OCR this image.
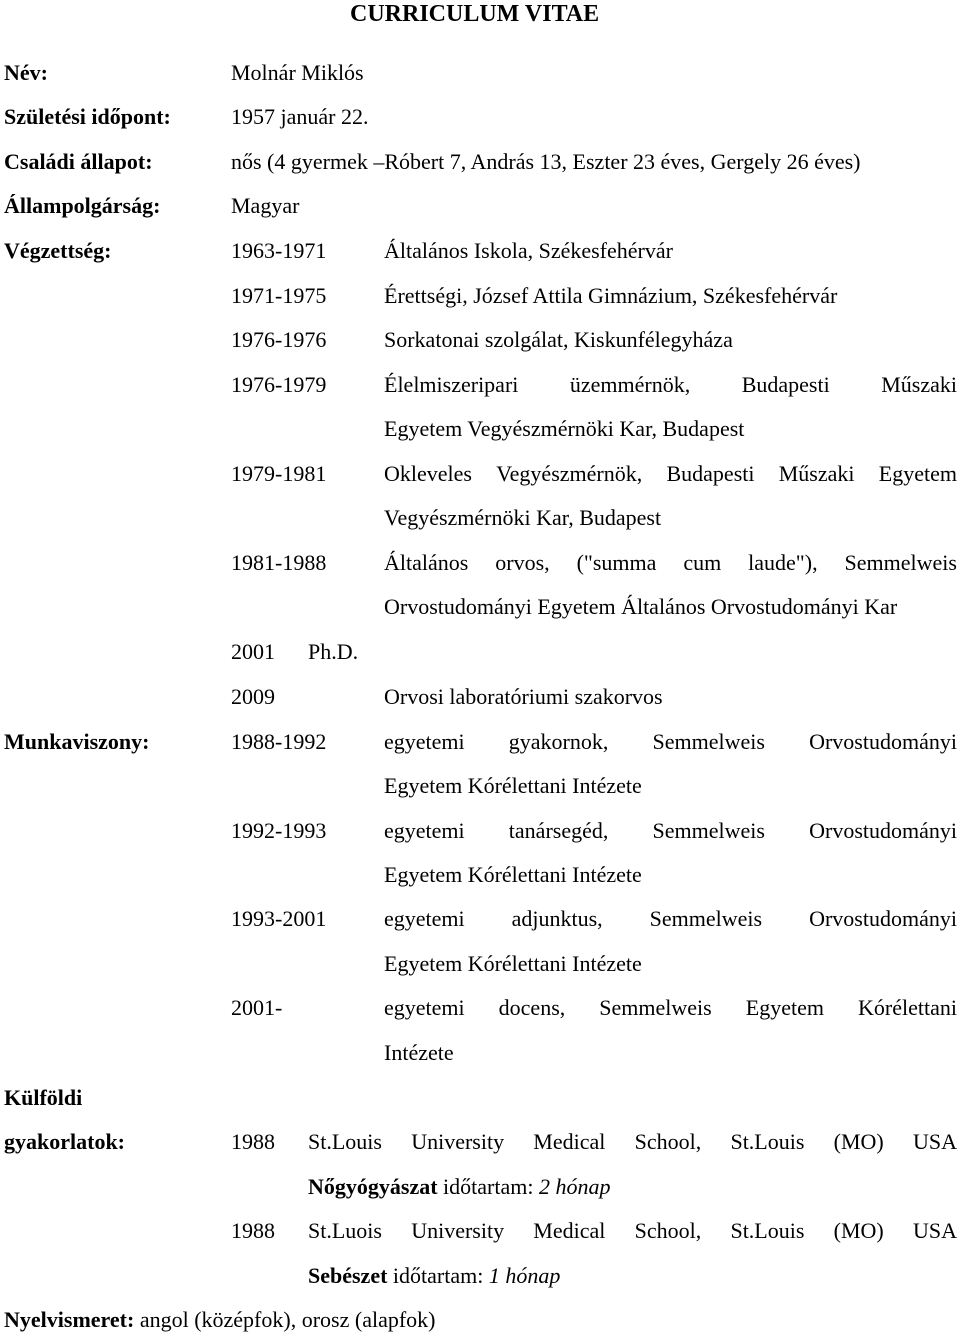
CURRICULUM VITAE
Név:	Molnár Miklós
Születési időpont:	1957 január 22.
Családi állapot:	nős (4 gyermek –Róbert 7, András 13, Eszter 23 éves, Gergely 26 éves)
Állampolgárság:	Magyar
Végzettség:	1963-1971	Általános Iskola, Székesfehérvár
1971-1975	Érettségi, József Attila Gimnázium, Székesfehérvár
1976-1976	Sorkatonai szolgálat, Kiskunfélegyháza
1976-1979	Élelmiszeripari üzemmérnök, Budapesti Műszaki
Egyetem Vegyészmérnöki Kar, Budapest
1979-1981	Okleveles Vegyészmérnök, Budapesti Műszaki Egyetem
Vegyészmérnöki Kar, Budapest
1981-1988	Általános orvos, ("summa cum laude"), Semmelweis
Orvostudományi Egyetem Általános Orvostudományi Kar
2001 Ph.D.
2009	Orvosi laboratóriumi szakorvos
Munkaviszony:	1988-1992	egyetemi gyakornok, Semmelweis Orvostudományi
Egyetem Kórélettani Intézete
1992-1993	egyetemi tanársegéd, Semmelweis Orvostudományi
Egyetem Kórélettani Intézete
1993-2001	egyetemi adjunktus, Semmelweis Orvostudományi
Egyetem Kórélettani Intézete
2001-	egyetemi docens, Semmelweis Egyetem Kórélettani
Intézete
Külföldi
gyakorlatok:	1988 St.Louis University Medical School, St.Louis (MO) USA
Nőgyógyászat időtartam: 2 hónap
1988 St.Luois University Medical School, St.Louis (MO) USA
Sebészet időtartam: 1 hónap
Nyelvismeret: angol (középfok), orosz (alapfok)
